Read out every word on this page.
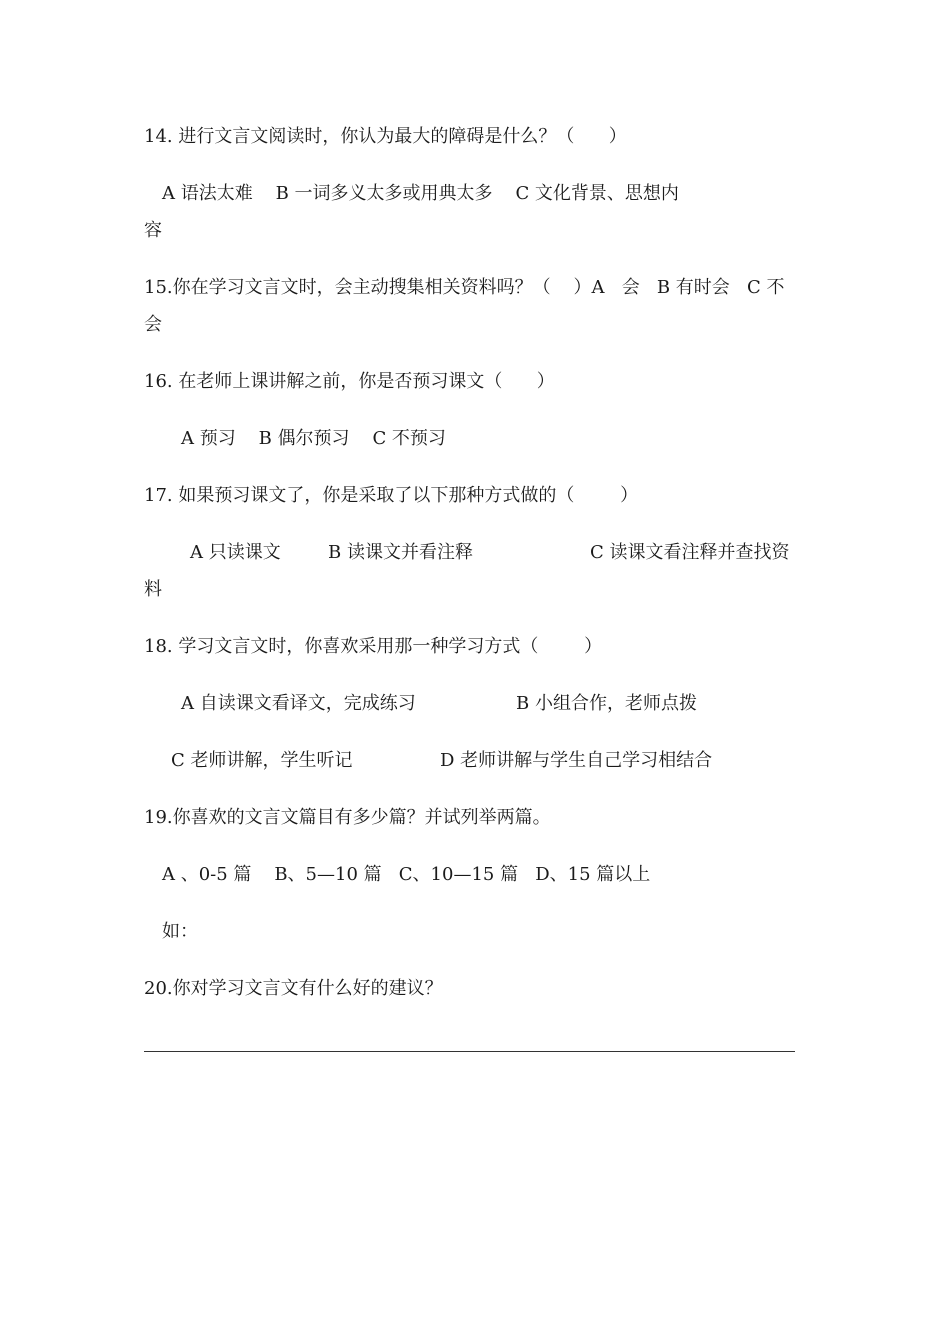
14. 进行文言文阅读时，你认为最大的障碍是什么？（      ）
A 语法太难    B 一词多义太多或用典太多    C 文化背景、思想内
容
15.你在学习文言文时，会主动搜集相关资料吗？（    ）A   会   B 有时会   C 不
会
16. 在老师上课讲解之前，你是否预习课文（      ）
A 预习    B 偶尔预习    C 不预习
17. 如果预习课文了，你是采取了以下那种方式做的（        ）
A 只读课文	B 读课文并看注释	C 读课文看注释并查找资
料
18. 学习文言文时，你喜欢采用那一种学习方式（        ）
A 自读课文看译文，完成练习	B 小组合作，老师点拨
C 老师讲解，学生听记	D 老师讲解与学生自己学习相结合
19.你喜欢的文言文篇目有多少篇？并试列举两篇。
A 、0-5 篇    B、5—10 篇   C、10—15 篇   D、15 篇以上
如：
20.你对学习文言文有什么好的建议？
